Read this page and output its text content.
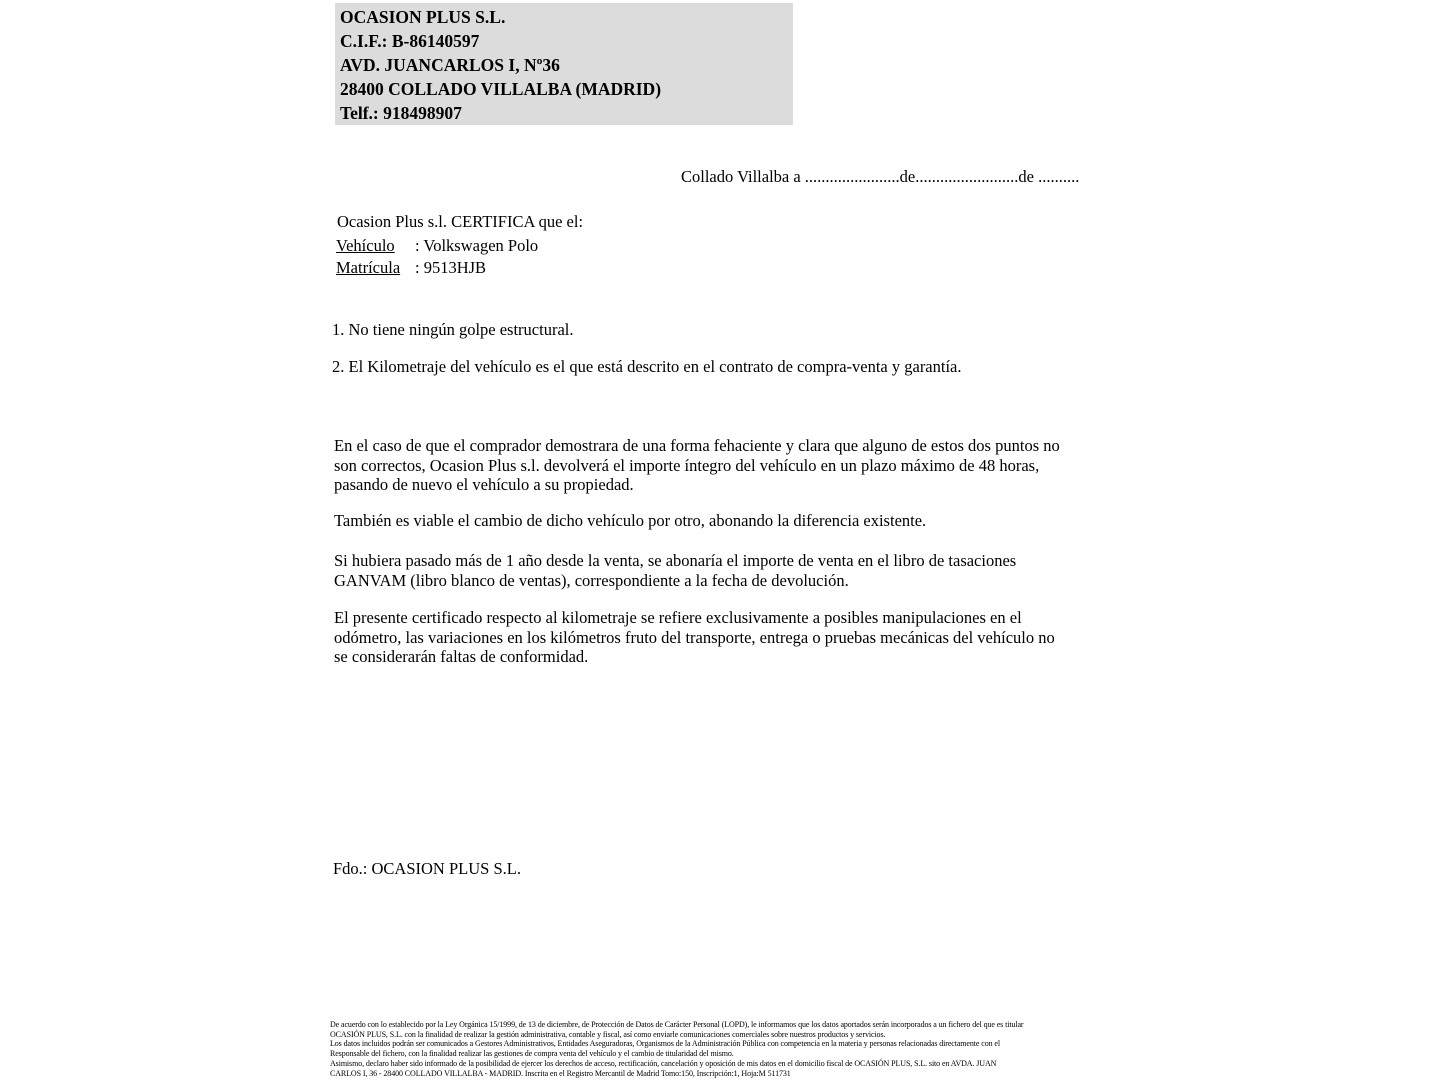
OCASION PLUS S.L.
C.I.F.: B-86140597
AVD. JUANCARLOS I, Nº36
28400 COLLADO VILLALBA (MADRID)
Telf.: 918498907
Collado Villalba a .......................de.........................de ..........
Ocasion Plus s.l. CERTIFICA que el:
Vehículo : Volkswagen Polo
Matrícula : 9513HJB
1. No tiene ningún golpe estructural.
2. El Kilometraje del vehículo es el que está descrito en el contrato de compra-venta y garantía.
En el caso de que el comprador demostrara de una forma fehaciente y clara que alguno de estos dos puntos no
son correctos, Ocasion Plus s.l. devolverá el importe íntegro del vehículo en un plazo máximo de 48 horas,
pasando de nuevo el vehículo a su propiedad.
También es viable el cambio de dicho vehículo por otro, abonando la diferencia existente.
Si hubiera pasado más de 1 año desde la venta, se abonaría el importe de venta en el libro de tasaciones
GANVAM (libro blanco de ventas), correspondiente a la fecha de devolución.
El presente certificado respecto al kilometraje se refiere exclusivamente a posibles manipulaciones en el
odómetro, las variaciones en los kilómetros fruto del transporte, entrega o pruebas mecánicas del vehículo no
se considerarán faltas de conformidad.
Fdo.: OCASION PLUS S.L.
De acuerdo con lo establecido por la Ley Orgánica 15/1999, de 13 de diciembre, de Protección de Datos de Carácter Personal (LOPD), le informamos que los datos aportados serán incorporados a un fichero del que es titular
OCASIÓN PLUS, S.L. con la finalidad de realizar la gestión administrativa, contable y fiscal, así como enviarle comunicaciones comerciales sobre nuestros productos y servicios.
Los datos incluidos podrán ser comunicados a Gestores Administrativos, Entidades Aseguradoras, Organismos de la Administración Pública con competencia en la materia y personas relacionadas directamente con el
Responsable del fichero, con la finalidad realizar las gestiones de compra venta del vehículo y el cambio de titularidad del mismo.
Asimismo, declaro haber sido informado de la posibilidad de ejercer los derechos de acceso, rectificación, cancelación y oposición de mis datos en el domicilio fiscal de OCASIÓN PLUS, S.L. sito en AVDA. JUAN
CARLOS I, 36 - 28400 COLLADO VILLALBA - MADRID. Inscrita en el Registro Mercantil de Madrid Tomo:150, Inscripción:1, Hoja:M 511731
